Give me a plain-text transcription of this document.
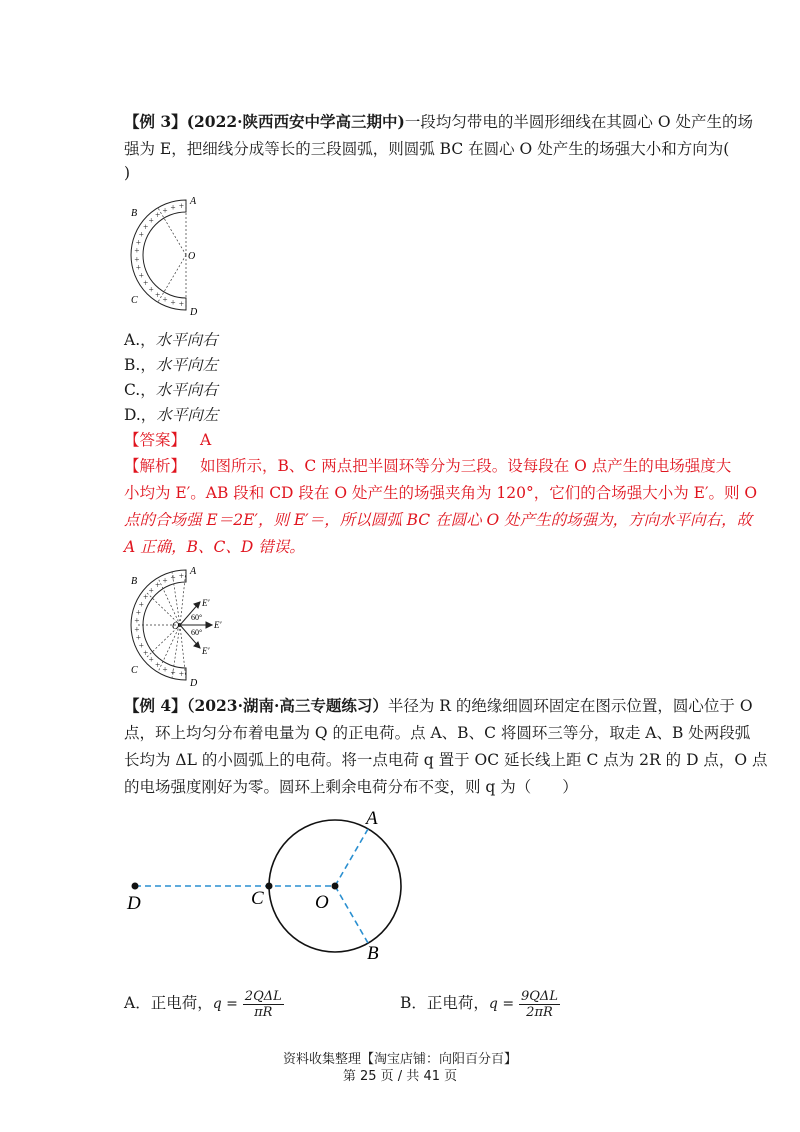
【例 3】(2022·陕西西安中学高三期中)一段均匀带电的半圆形细线在其圆心 O 处产生的场
强为 E，把细线分成等长的三段圆弧，则圆弧 BC 在圆心 O 处产生的场强大小和方向为(
)
+
+
+
+
+
+
+
+
+
+
+
+
+
+
+ + + +
A
B
O
C
D
A.，水平向右
B.，水平向左
C.，水平向右
D.，水平向左
【答案】 A
【解析】 如图所示，B、C 两点把半圆环等分为三段。设每段在 O 点产生的电场强度大
小均为 E′。AB 段和 CD 段在 O 处产生的场强夹角为 120°，它们的合场强大小为 E′。则 O
点的合场强 E＝2E′，则 E′＝，所以圆弧 BC 在圆心 O 处产生的场强为，方向水平向右，故
A 正确，B、C、D 错误。
+
+
+
+
+
+
+
+
+
+
+
+
+
+
+ + + +
E′
E′
E′
60°
60°
A
B
O
C
D
【例 4】（2023·湖南·高三专题练习）半径为 R 的绝缘细圆环固定在图示位置，圆心位于 O
点，环上均匀分布着电量为 Q 的正电荷。点 A、B、C 将圆环三等分，取走 A、B 处两段弧
长均为 ΔL 的小圆弧上的电荷。将一点电荷 q 置于 OC 延长线上距 C 点为 2R 的 D 点，O 点
的电场强度刚好为零。圆环上剩余电荷分布不变，则 q 为（　　）
A
B
C
D	O
A．正电荷，$q = \frac{\text{2QΔL}}{\pi R}$	B．正电荷，$q = \frac{\text{9QΔL}}{2\pi R}$
资料收集整理【淘宝店铺：向阳百分百】
第 25 页 / 共 41 页
